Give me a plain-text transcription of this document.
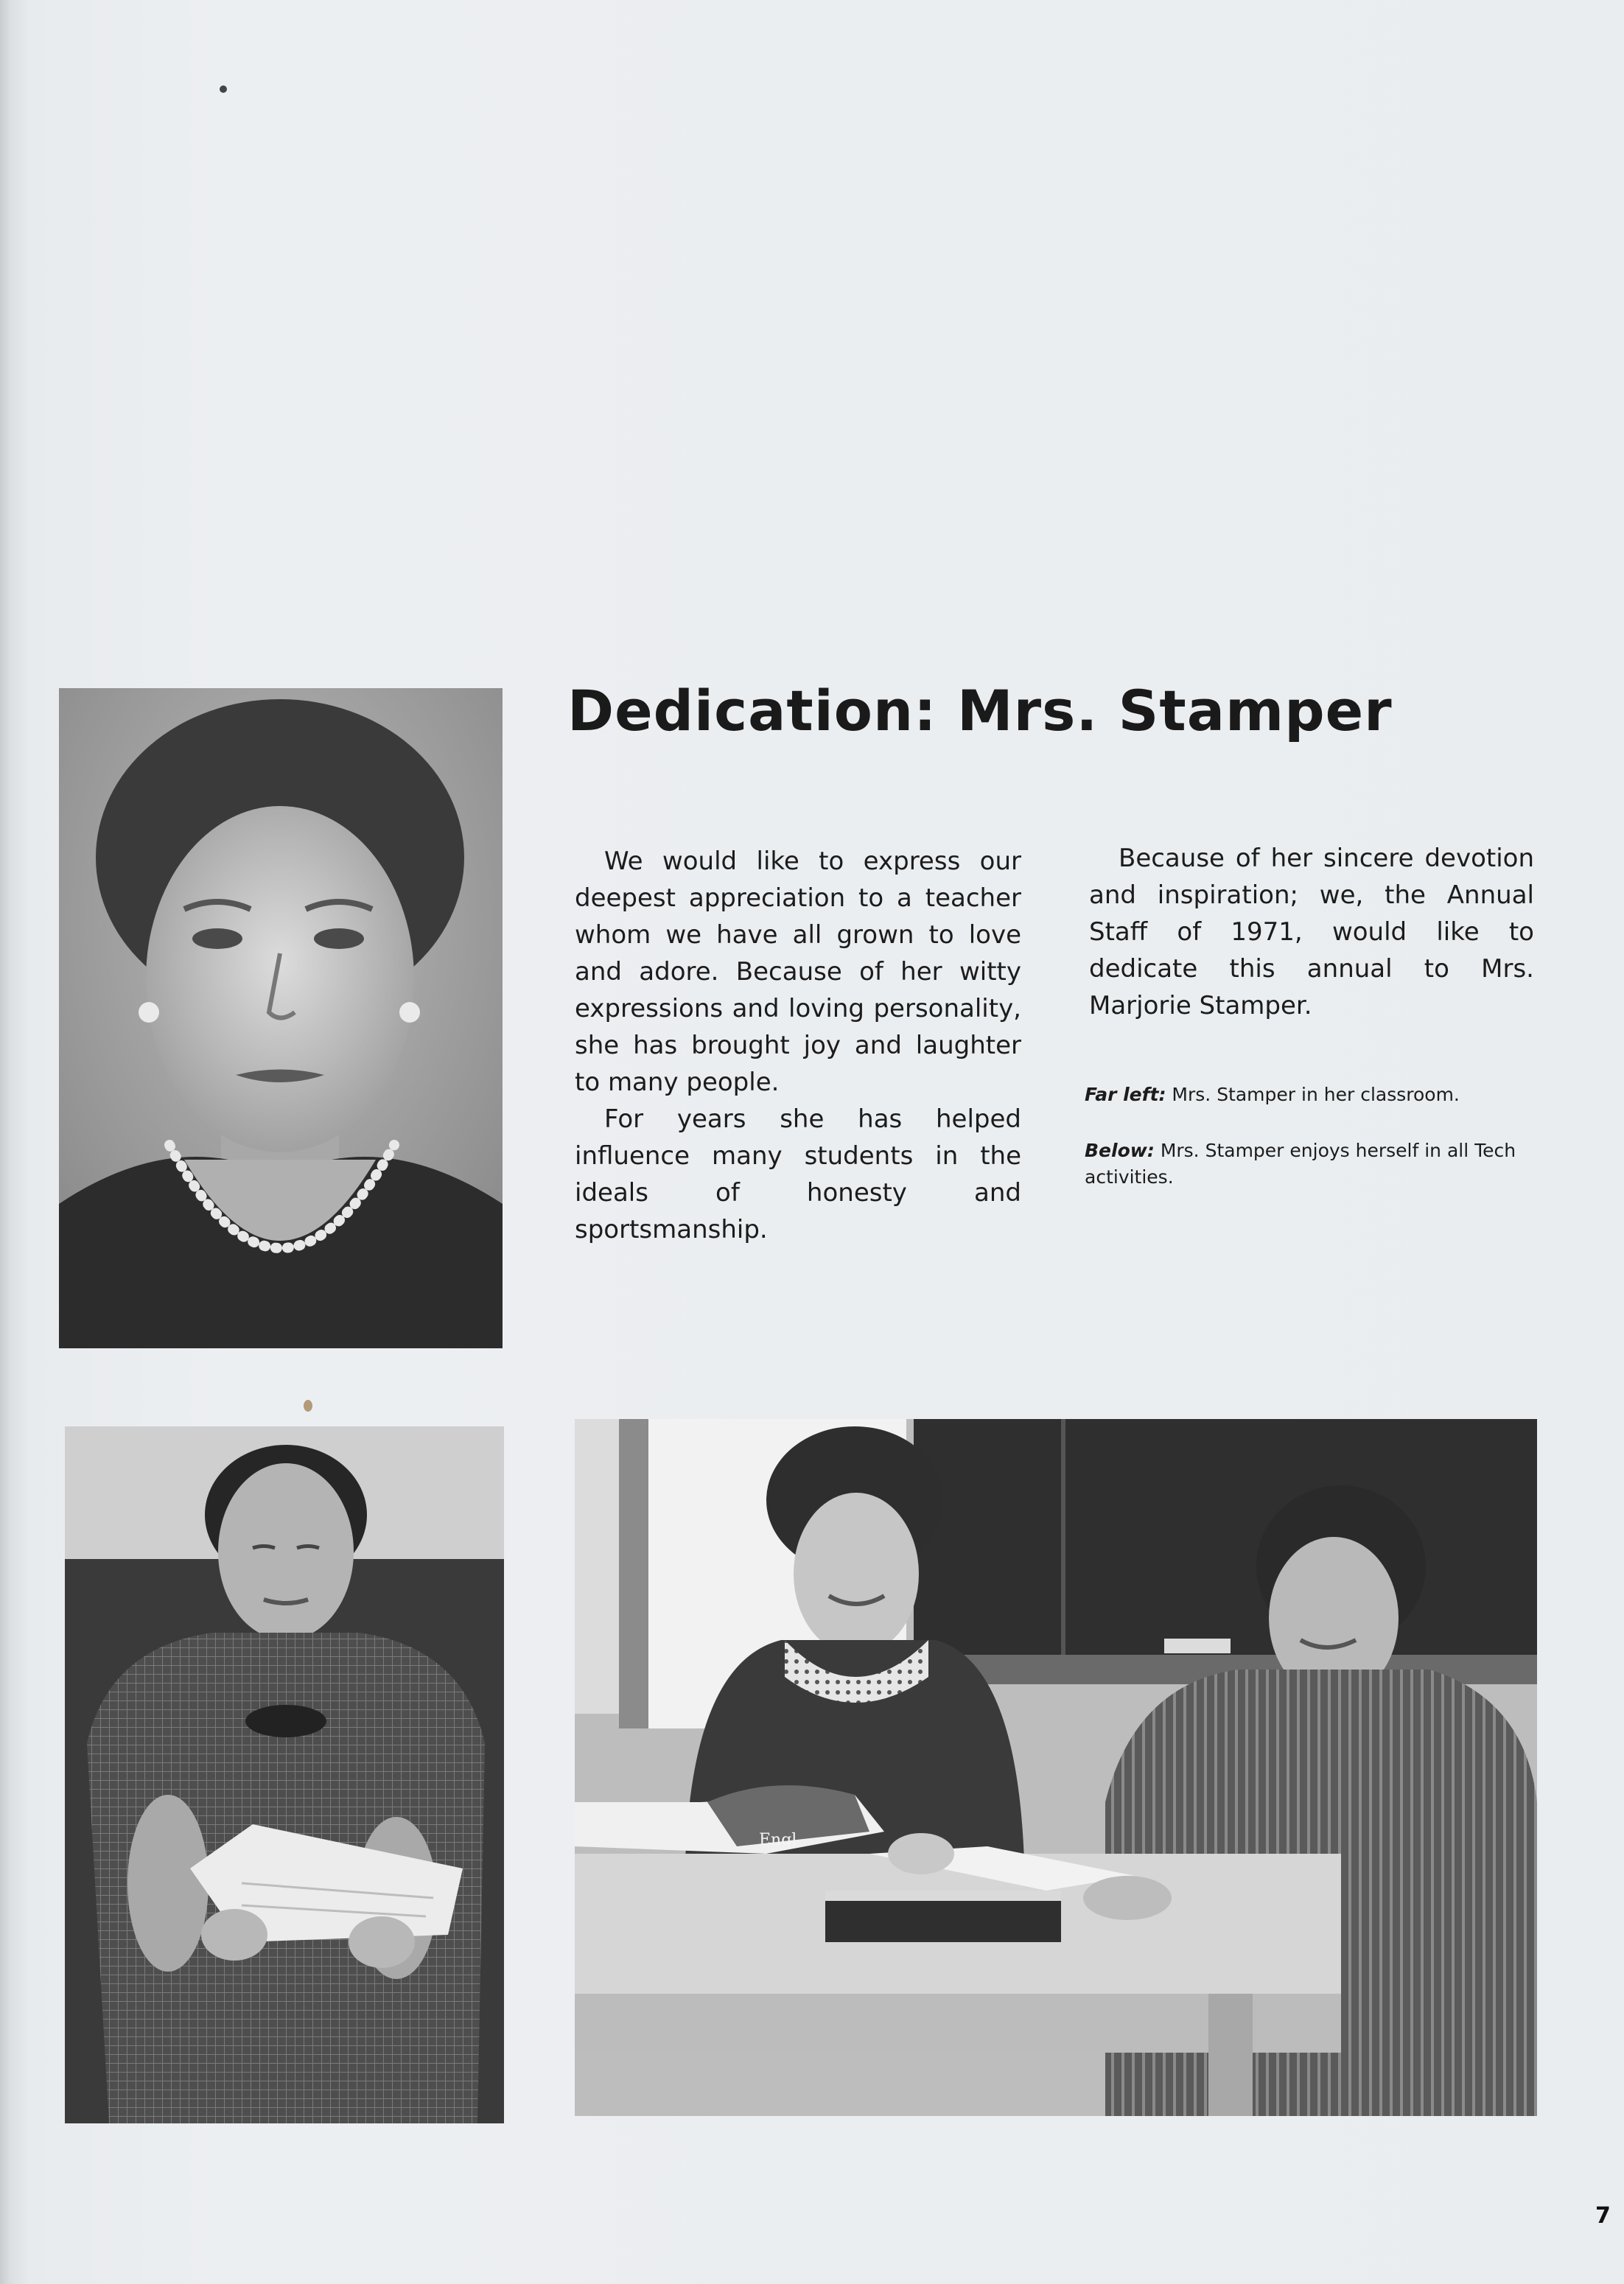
Dedication: Mrs. Stamper

We would like to express our deepest appreciation to a teacher whom we have all grown to love and adore. Because of her witty expressions and loving personality, she has brought joy and laughter to many people.

For years she has helped influence many students in the ideals of honesty and sportsmanship.

Because of her sincere devotion and inspiration; we, the Annual Staff of 1971, would like to dedicate this annual to Mrs. Marjorie Stamper.

Far left: Mrs. Stamper in her classroom.

Below: Mrs. Stamper enjoys herself in all Tech activities.

Engl
7
